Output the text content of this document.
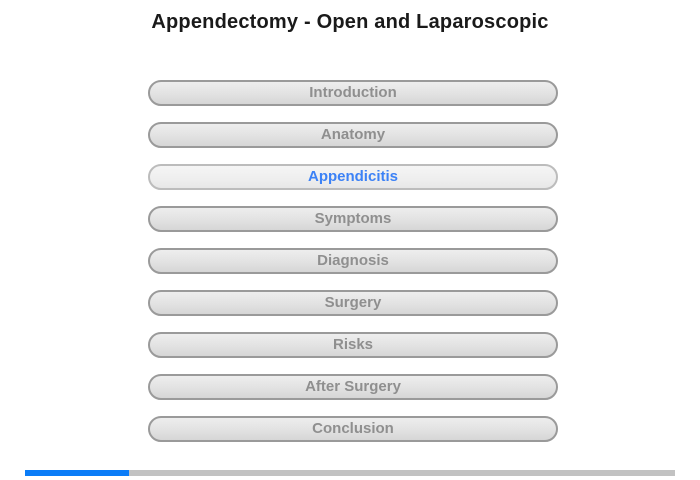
Appendectomy - Open and Laparoscopic
Introduction
Anatomy
Appendicitis
Symptoms
Diagnosis
Surgery
Risks
After Surgery
Conclusion
